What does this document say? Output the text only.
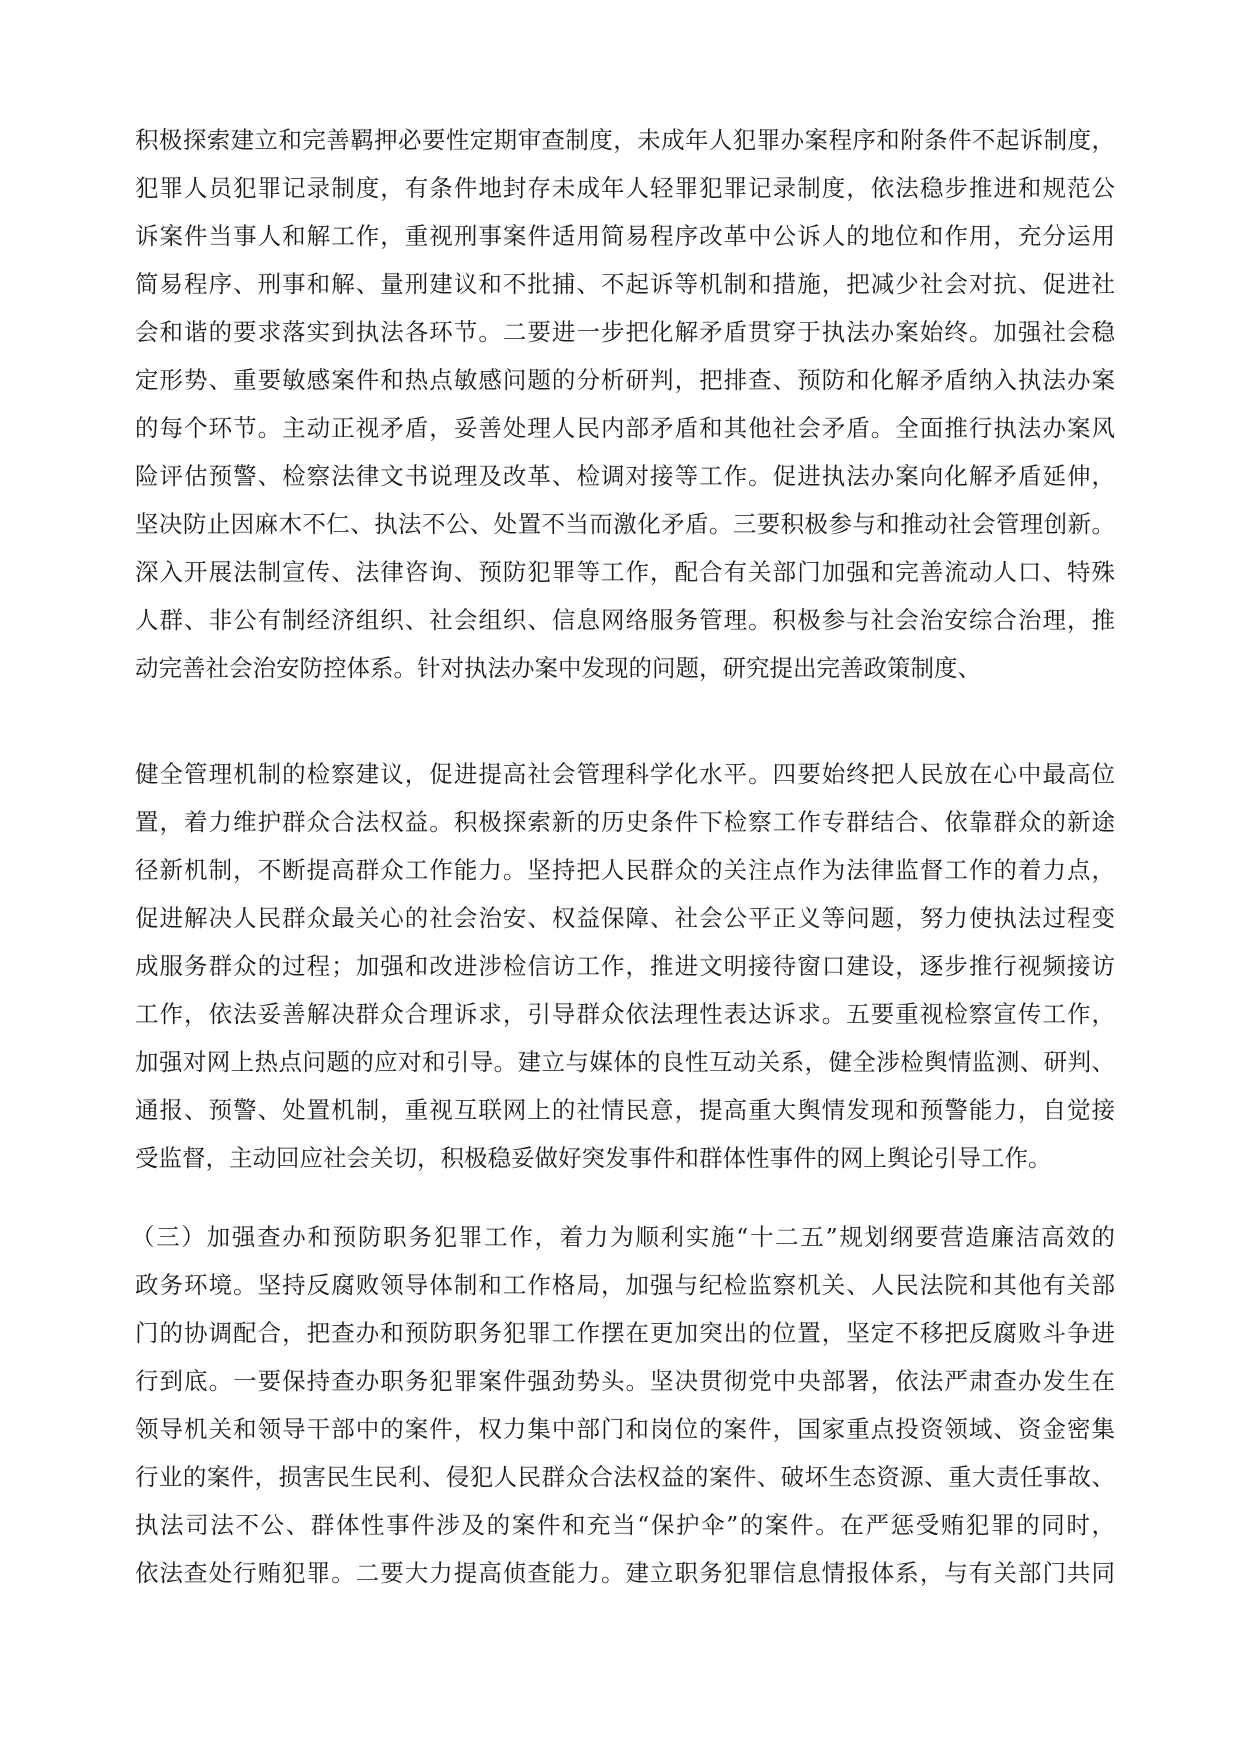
积极探索建立和完善羁押必要性定期审查制度，未成年人犯罪办案程序和附条件不起诉制度，
犯罪人员犯罪记录制度，有条件地封存未成年人轻罪犯罪记录制度，依法稳步推进和规范公
诉案件当事人和解工作，重视刑事案件适用简易程序改革中公诉人的地位和作用，充分运用
简易程序、刑事和解、量刑建议和不批捕、不起诉等机制和措施，把减少社会对抗、促进社
会和谐的要求落实到执法各环节。二要进一步把化解矛盾贯穿于执法办案始终。加强社会稳
定形势、重要敏感案件和热点敏感问题的分析研判，把排查、预防和化解矛盾纳入执法办案
的每个环节。主动正视矛盾，妥善处理人民内部矛盾和其他社会矛盾。全面推行执法办案风
险评估预警、检察法律文书说理及改革、检调对接等工作。促进执法办案向化解矛盾延伸，
坚决防止因麻木不仁、执法不公、处置不当而激化矛盾。三要积极参与和推动社会管理创新。
深入开展法制宣传、法律咨询、预防犯罪等工作，配合有关部门加强和完善流动人口、特殊
人群、非公有制经济组织、社会组织、信息网络服务管理。积极参与社会治安综合治理，推
动完善社会治安防控体系。针对执法办案中发现的问题，研究提出完善政策制度、
健全管理机制的检察建议，促进提高社会管理科学化水平。四要始终把人民放在心中最高位
置，着力维护群众合法权益。积极探索新的历史条件下检察工作专群结合、依靠群众的新途
径新机制，不断提高群众工作能力。坚持把人民群众的关注点作为法律监督工作的着力点，
促进解决人民群众最关心的社会治安、权益保障、社会公平正义等问题，努力使执法过程变
成服务群众的过程；加强和改进涉检信访工作，推进文明接待窗口建设，逐步推行视频接访
工作，依法妥善解决群众合理诉求，引导群众依法理性表达诉求。五要重视检察宣传工作，
加强对网上热点问题的应对和引导。建立与媒体的良性互动关系，健全涉检舆情监测、研判、
通报、预警、处置机制，重视互联网上的社情民意，提高重大舆情发现和预警能力，自觉接
受监督，主动回应社会关切，积极稳妥做好突发事件和群体性事件的网上舆论引导工作。
（三）加强查办和预防职务犯罪工作，着力为顺利实施“十二五”规划纲要营造廉洁高效的
政务环境。坚持反腐败领导体制和工作格局，加强与纪检监察机关、人民法院和其他有关部
门的协调配合，把查办和预防职务犯罪工作摆在更加突出的位置，坚定不移把反腐败斗争进
行到底。一要保持查办职务犯罪案件强劲势头。坚决贯彻党中央部署，依法严肃查办发生在
领导机关和领导干部中的案件，权力集中部门和岗位的案件，国家重点投资领域、资金密集
行业的案件，损害民生民利、侵犯人民群众合法权益的案件、破坏生态资源、重大责任事故、
执法司法不公、群体性事件涉及的案件和充当“保护伞”的案件。在严惩受贿犯罪的同时，
依法查处行贿犯罪。二要大力提高侦查能力。建立职务犯罪信息情报体系，与有关部门共同
